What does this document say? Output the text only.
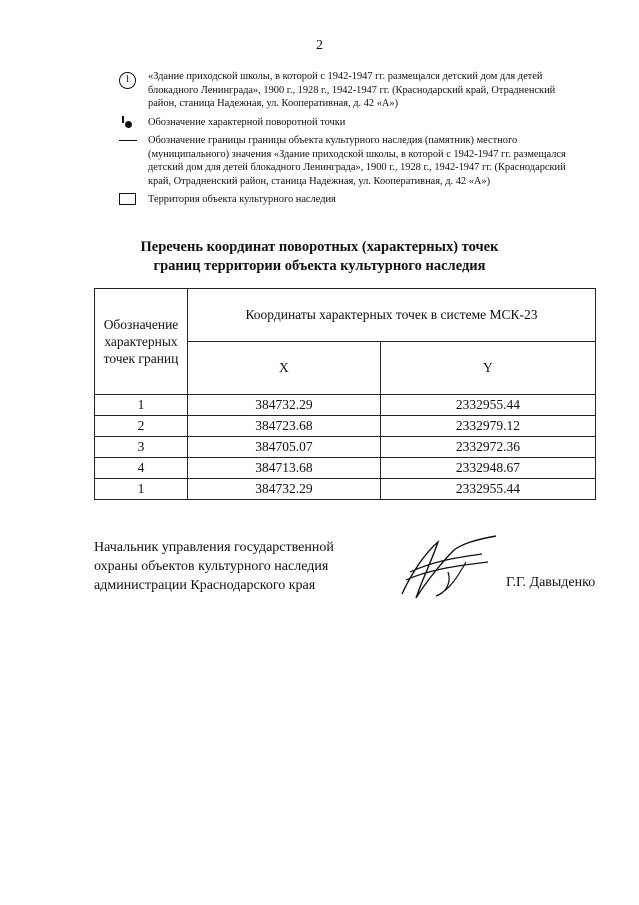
2
1	«Здание приходской школы, в которой с 1942-1947 гг. размещался детский дом для детей блокадного Ленинграда», 1900 г., 1928 г., 1942-1947 гг. (Краснодарский край, Отрадненский район, станица Надежная, ул. Кооперативная, д. 42 «А»)
Обозначение характерной поворотной точки
Обозначение границы границы объекта культурного наследия (памятник) местного (муниципального) значения «Здание приходской школы, в которой с 1942-1947 гг. размещался детский дом для детей блокадного Ленинграда», 1900 г., 1928 г., 1942-1947 гг. (Краснодарский край, Отрадненский район, станица Надежная, ул. Кооперативная, д. 42 «А»)
Территория объекта культурного наследия
Перечень координат поворотных (характерных) точек
границ территории объекта культурного наследия
Обозначение характерных точек границ	Координаты характерных точек в системе МСК-23	
	X	Y
1	384732.29	2332955.44
2	384723.68	2332979.12
3	384705.07	2332972.36
4	384713.68	2332948.67
1	384732.29	2332955.44
Начальник управления государственной
охраны объектов культурного наследия
администрации Краснодарского края	Г.Г. Давыденко
